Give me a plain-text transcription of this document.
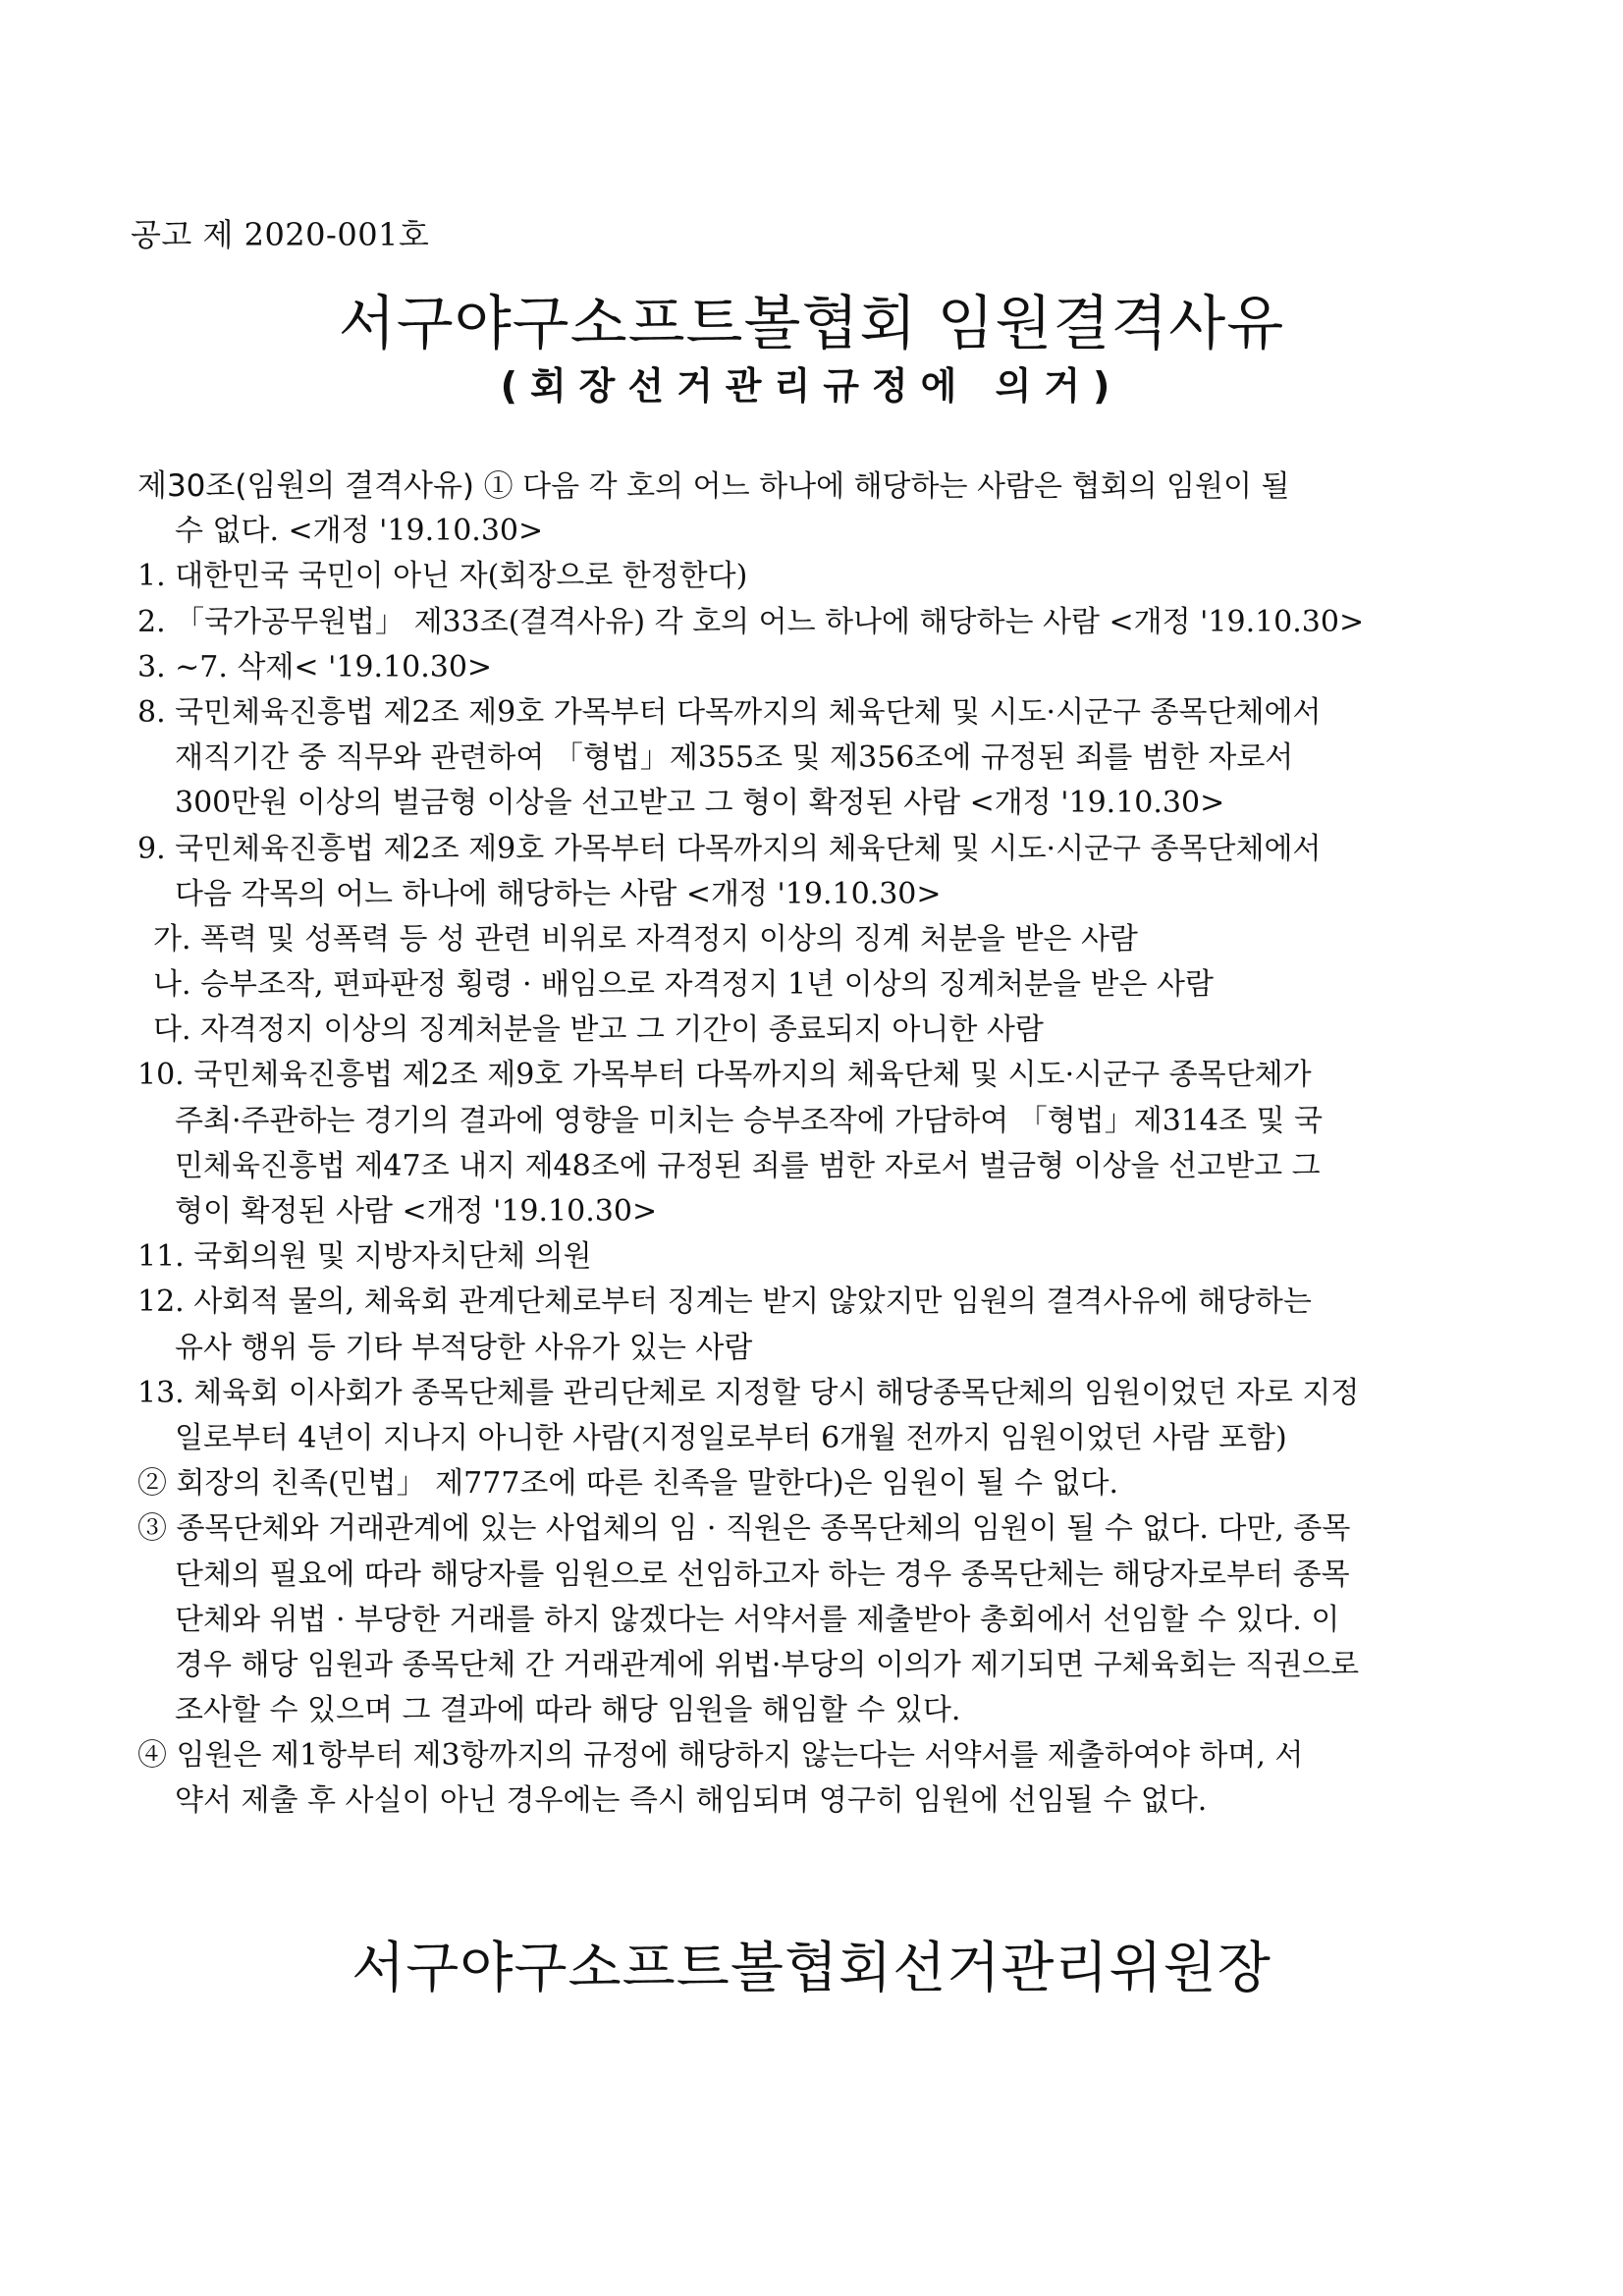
공고 제 2020-001호
서구야구소프트볼협회 임원결격사유
(회장선거관리규정에 의거)
제30조(임원의 결격사유) ① 다음 각 호의 어느 하나에 해당하는 사람은 협회의 임원이 될
수 없다. <개정 '19.10.30>
1. 대한민국 국민이 아닌 자(회장으로 한정한다)
2. 「국가공무원법」 제33조(결격사유) 각 호의 어느 하나에 해당하는 사람 <개정 '19.10.30>
3. ~7. 삭제< '19.10.30>
8. 국민체육진흥법 제2조 제9호 가목부터 다목까지의 체육단체 및 시도·시군구 종목단체에서
재직기간 중 직무와 관련하여 「형법」제355조 및 제356조에 규정된 죄를 범한 자로서
300만원 이상의 벌금형 이상을 선고받고 그 형이 확정된 사람 <개정 '19.10.30>
9. 국민체육진흥법 제2조 제9호 가목부터 다목까지의 체육단체 및 시도·시군구 종목단체에서
다음 각목의 어느 하나에 해당하는 사람 <개정 '19.10.30>
가. 폭력 및 성폭력 등 성 관련 비위로 자격정지 이상의 징계 처분을 받은 사람
나. 승부조작, 편파판정 횡령 · 배임으로 자격정지 1년 이상의 징계처분을 받은 사람
다. 자격정지 이상의 징계처분을 받고 그 기간이 종료되지 아니한 사람
10. 국민체육진흥법 제2조 제9호 가목부터 다목까지의 체육단체 및 시도·시군구 종목단체가
주최·주관하는 경기의 결과에 영향을 미치는 승부조작에 가담하여 「형법」제314조 및 국
민체육진흥법 제47조 내지 제48조에 규정된 죄를 범한 자로서 벌금형 이상을 선고받고 그
형이 확정된 사람 <개정 '19.10.30>
11. 국회의원 및 지방자치단체 의원
12. 사회적 물의, 체육회 관계단체로부터 징계는 받지 않았지만 임원의 결격사유에 해당하는
유사 행위 등 기타 부적당한 사유가 있는 사람
13. 체육회 이사회가 종목단체를 관리단체로 지정할 당시 해당종목단체의 임원이었던 자로 지정
일로부터 4년이 지나지 아니한 사람(지정일로부터 6개월 전까지 임원이었던 사람 포함)
② 회장의 친족(민법」 제777조에 따른 친족을 말한다)은 임원이 될 수 없다.
③ 종목단체와 거래관계에 있는 사업체의 임 · 직원은 종목단체의 임원이 될 수 없다. 다만, 종목
단체의 필요에 따라 해당자를 임원으로 선임하고자 하는 경우 종목단체는 해당자로부터 종목
단체와 위법 · 부당한 거래를 하지 않겠다는 서약서를 제출받아 총회에서 선임할 수 있다. 이
경우 해당 임원과 종목단체 간 거래관계에 위법·부당의 이의가 제기되면 구체육회는 직권으로
조사할 수 있으며 그 결과에 따라 해당 임원을 해임할 수 있다.
④ 임원은 제1항부터 제3항까지의 규정에 해당하지 않는다는 서약서를 제출하여야 하며, 서
약서 제출 후 사실이 아닌 경우에는 즉시 해임되며 영구히 임원에 선임될 수 없다.
서구야구소프트볼협회선거관리위원장
